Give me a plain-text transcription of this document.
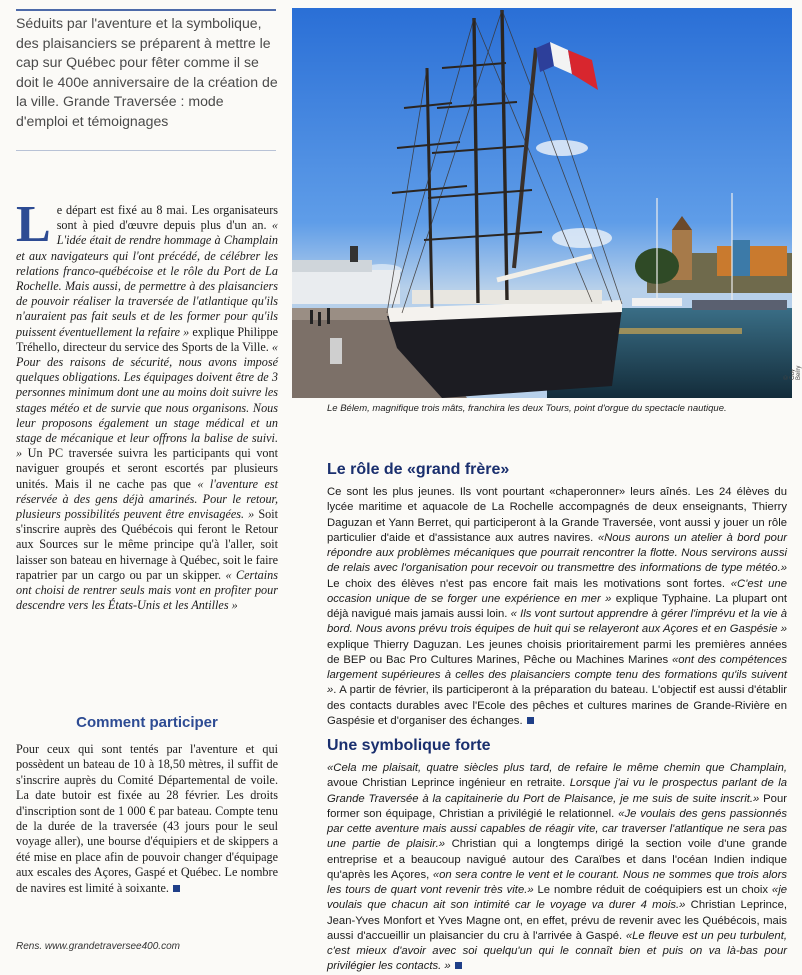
Séduits par l'aventure et la symbolique, des plaisanciers se préparent à mettre le cap sur Québec pour fêter comme il se doit le 400e anniversaire de la création de la ville. Grande Traversée : mode d'emploi et témoignages

Le départ est fixé au 8 mai. Les organisateurs sont à pied d'œuvre depuis plus d'un an. « L'idée était de rendre hommage à Champlain et aux navigateurs qui l'ont précédé, de célébrer les relations franco-québécoise et le rôle du Port de La Rochelle. Mais aussi, de permettre à des plaisanciers de pouvoir réaliser la traversée de l'atlantique qu'ils n'auraient pas fait seuls et de les former pour qu'ils puissent éventuellement la refaire » explique Philippe Tréhello, directeur du service des Sports de la Ville. « Pour des raisons de sécurité, nous avons imposé quelques obligations. Les équipages doivent être de 3 personnes minimum dont une au moins doit suivre les stages météo et de survie que nous organisons. Nous leur proposons également un stage médical et un stage de mécanique et leur offrons la balise de suivi. » Un PC traversée suivra les participants qui vont naviguer groupés et seront escortés par plusieurs unités. Mais il ne cache pas que « l'aventure est réservée à des gens déjà amarinés. Pour le retour, plusieurs possibilités peuvent être envisagées. » Soit s'inscrire auprès des Québécois qui feront le Retour aux Sources sur le même principe qu'à l'aller, soit laisser son bateau en hivernage à Québec, soit le faire rapatrier par un cargo ou par un skipper. « Certains ont choisi de rentrer seuls mais vont en profiter pour descendre vers les États-Unis et les Antilles »

Comment participer

Pour ceux qui sont tentés par l'aventure et qui possèdent un bateau de 10 à 18,50 mètres, il suffit de s'inscrire auprès du Comité Départemental de voile. La date butoir est fixée au 28 février. Les droits d'inscription sont de 1 000 € par bateau. Compte tenu de la durée de la traversée (43 jours pour le seul voyage aller), une bourse d'équipiers et de skippers a été mise en place afin de pouvoir changer d'équipage aux escales des Açores, Gaspé et Québec. Le nombre de navires est limité à soixante.

Rens. www.grandetraversee400.com

© Guy Berry

Le Bélem, magnifique trois mâts, franchira les deux Tours, point d'orgue du spectacle nautique.

Le rôle de «grand frère»

Ce sont les plus jeunes. Ils vont pourtant «chaperonner» leurs aînés. Les 24 élèves du lycée maritime et aquacole de La Rochelle accompagnés de deux enseignants, Thierry Daguzan et Yann Berret, qui participeront à la Grande Traversée, vont aussi y jouer un rôle particulier d'aide et d'assistance aux autres navires. «Nous aurons un atelier à bord pour répondre aux problèmes mécaniques que pourrait rencontrer la flotte. Nous servirons aussi de relais avec l'organisation pour recevoir ou transmettre des informations de type météo.» Le choix des élèves n'est pas encore fait mais les motivations sont fortes. «C'est une occasion unique de se forger une expérience en mer » explique Typhaine. La plupart ont déjà navigué mais jamais aussi loin. « Ils vont surtout apprendre à gérer l'imprévu et la vie à bord. Nous avons prévu trois équipes de huit qui se relayeront aux Açores et en Gaspésie » explique Thierry Daguzan. Les jeunes choisis prioritairement parmi les premières années de BEP ou Bac Pro Cultures Marines, Pêche ou Machines Marines «ont des compétences largement supérieures à celles des plaisanciers compte tenu des formations qu'ils suivent ». A partir de février, ils participeront à la préparation du bateau. L'objectif est aussi d'établir des contacts durables avec l'Ecole des pêches et cultures marines de Grande-Rivière en Gaspésie et d'organiser des échanges.

Une symbolique forte

«Cela me plaisait, quatre siècles plus tard, de refaire le même chemin que Champlain, avoue Christian Leprince ingénieur en retraite. Lorsque j'ai vu le prospectus parlant de la Grande Traversée à la capitainerie du Port de Plaisance, je me suis de suite inscrit.» Pour former son équipage, Christian a privilégié le relationnel. «Je voulais des gens passionnés par cette aventure mais aussi capables de réagir vite, car traverser l'atlantique ne sera pas une partie de plaisir.» Christian qui a longtemps dirigé la section voile d'une grande entreprise et a beaucoup navigué autour des Caraïbes et dans l'océan Indien indique qu'après les Açores, «on sera contre le vent et le courant. Nous ne sommes que trois alors les tours de quart vont revenir très vite.» Le nombre réduit de coéquipiers est un choix «je voulais que chacun ait son intimité car le voyage va durer 4 mois.» Christian Leprince, Jean-Yves Monfort et Yves Magne ont, en effet, prévu de revenir avec les Québécois, mais aussi d'accueillir un plaisancier du cru à l'arrivée à Gaspé. «Le fleuve est un peu turbulent, c'est mieux d'avoir avec soi quelqu'un qui le connaît bien et puis on va là-bas pour privilégier les contacts. »
